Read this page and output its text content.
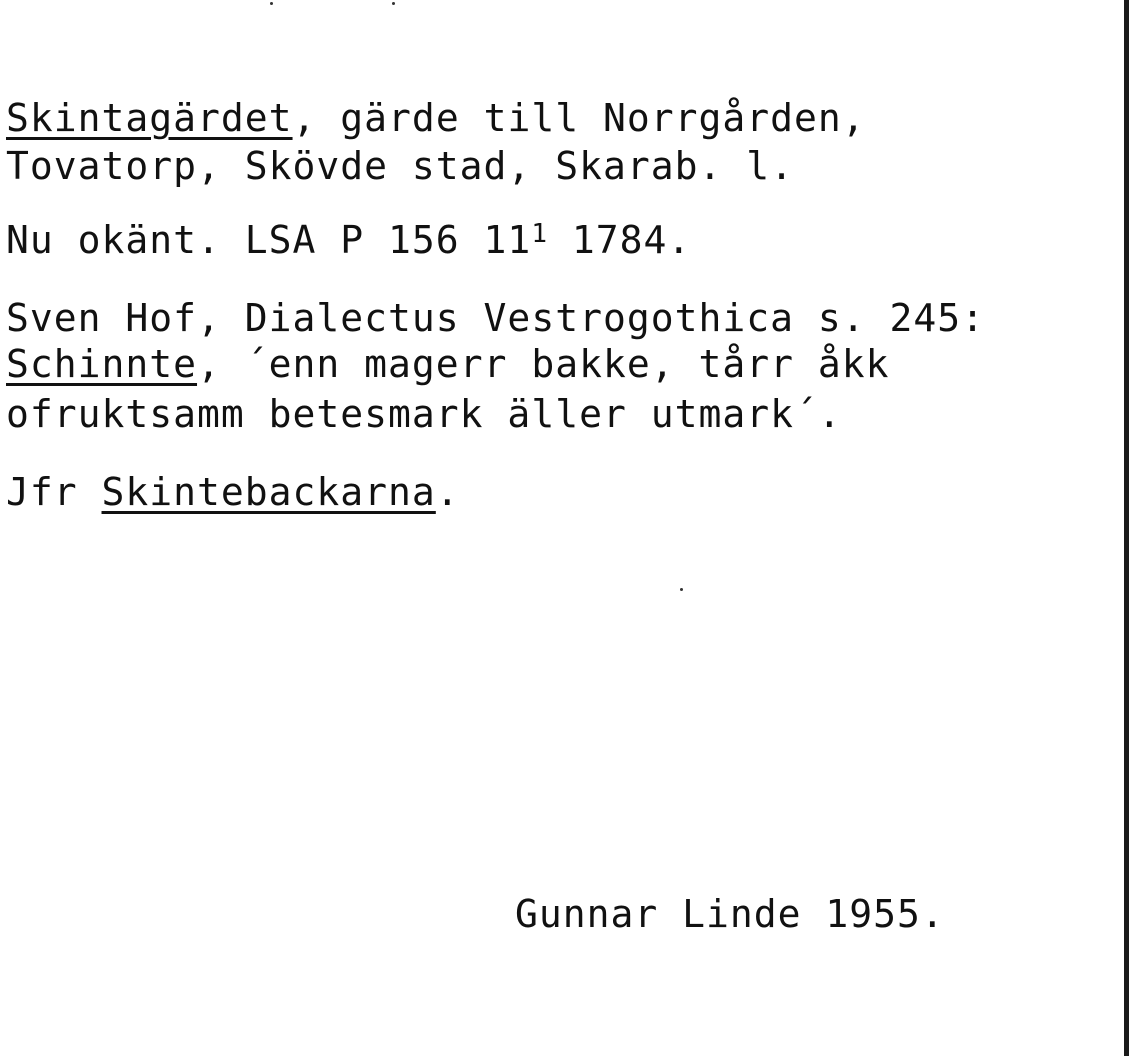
Skintagärdet, gärde till Norrgården,
Tovatorp, Skövde stad, Skarab. l.
Nu okänt. LSA P 156 $11^1$ 1784.
Sven Hof, Dialectus Vestrogothica s. 245:
Schinnte, ´enn magerr bakke, tårr åkk
ofruktsamm betesmark äller utmark´.
Jfr Skintebackarna.
Gunnar Linde 1955.
